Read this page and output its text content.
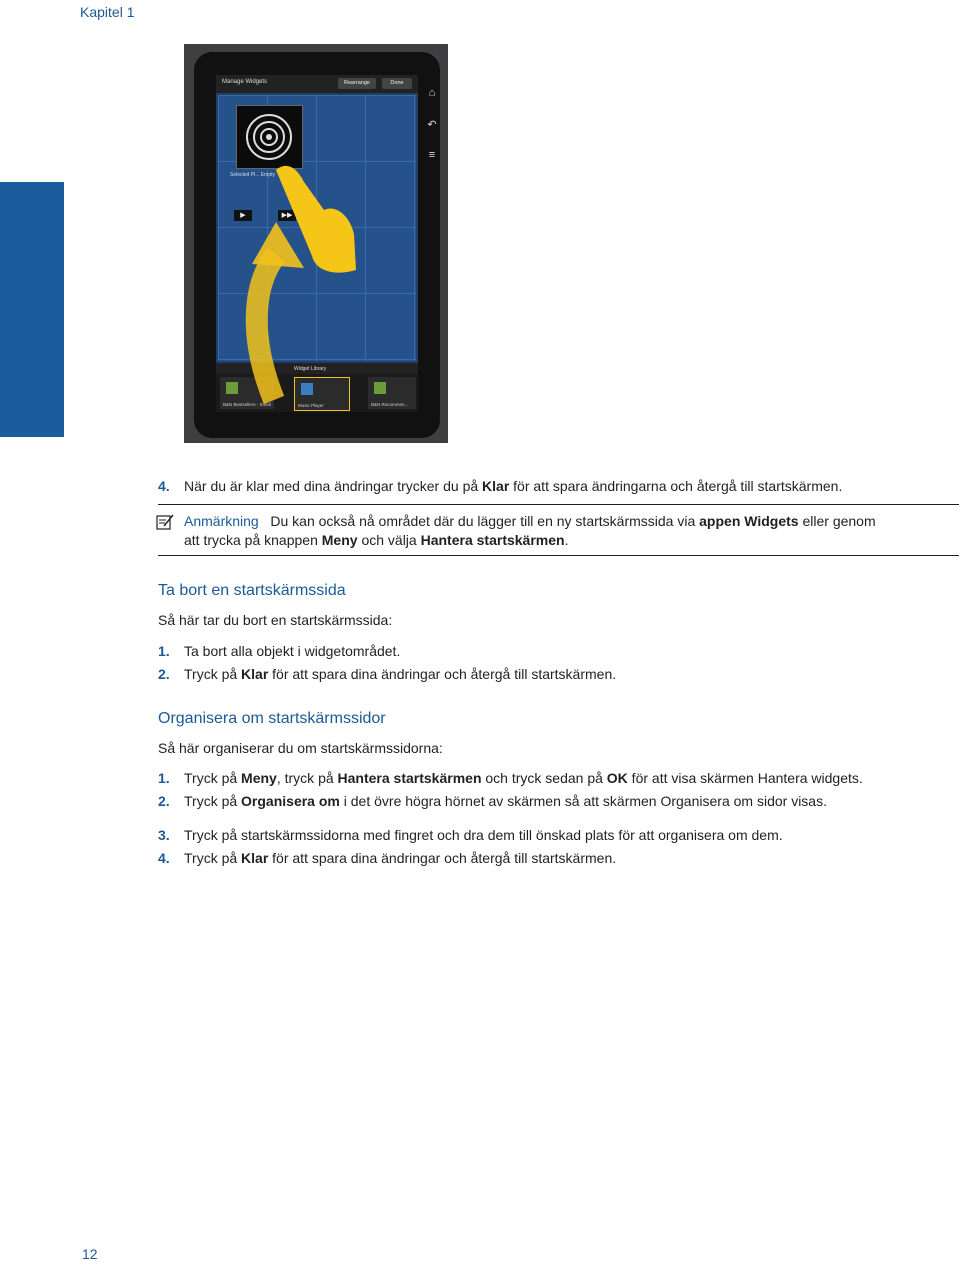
Kapitel 1
Manage Widgets	Rearrange	Done
Selected Pl... Empty
▶	▶▶
Widget Library
B&N Bestsellers - Small	Music Player	B&N Recommen...
⌂
↶
≡
4. När du är klar med dina ändringar trycker du på Klar för att spara ändringarna och återgå till startskärmen.
Anmärkning Du kan också nå området där du lägger till en ny startskärmssida via appen Widgets eller genom
att trycka på knappen Meny och välja Hantera startskärmen.
Ta bort en startskärmssida
Så här tar du bort en startskärmssida:
1. Ta bort alla objekt i widgetområdet.
2. Tryck på Klar för att spara dina ändringar och återgå till startskärmen.
Organisera om startskärmssidor
Så här organiserar du om startskärmssidorna:
1. Tryck på Meny, tryck på Hantera startskärmen och tryck sedan på OK för att visa skärmen Hantera widgets.
2. Tryck på Organisera om i det övre högra hörnet av skärmen så att skärmen Organisera om sidor visas.
3. Tryck på startskärmssidorna med fingret och dra dem till önskad plats för att organisera om dem.
4. Tryck på Klar för att spara dina ändringar och återgå till startskärmen.
12
